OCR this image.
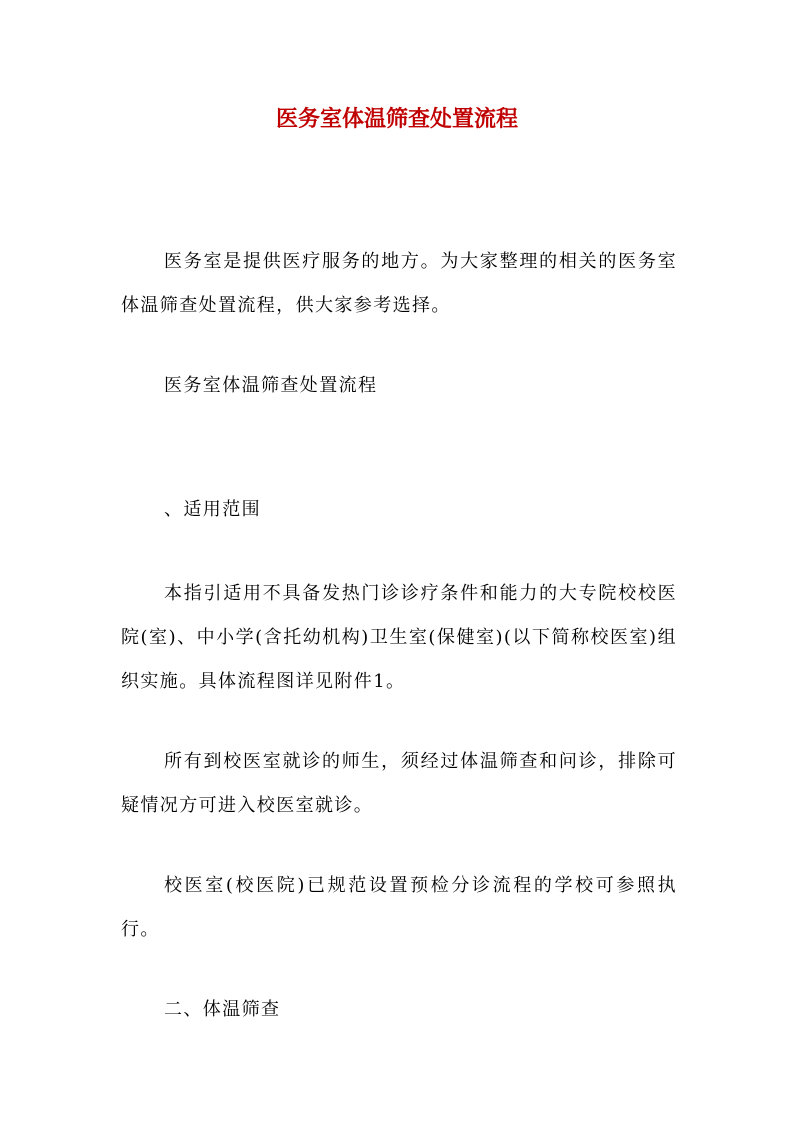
医务室体温筛查处置流程

医务室是提供医疗服务的地方。为大家整理的相关的医务室体温筛查处置流程，供大家参考选择。

医务室体温筛查处置流程

、适用范围

本指引适用不具备发热门诊诊疗条件和能力的大专院校校医院(室)、中小学(含托幼机构)卫生室(保健室)(以下简称校医室)组织实施。具体流程图详见附件1。

所有到校医室就诊的师生，须经过体温筛查和问诊，排除可疑情况方可进入校医室就诊。

校医室(校医院)已规范设置预检分诊流程的学校可参照执行。

二、体温筛查
